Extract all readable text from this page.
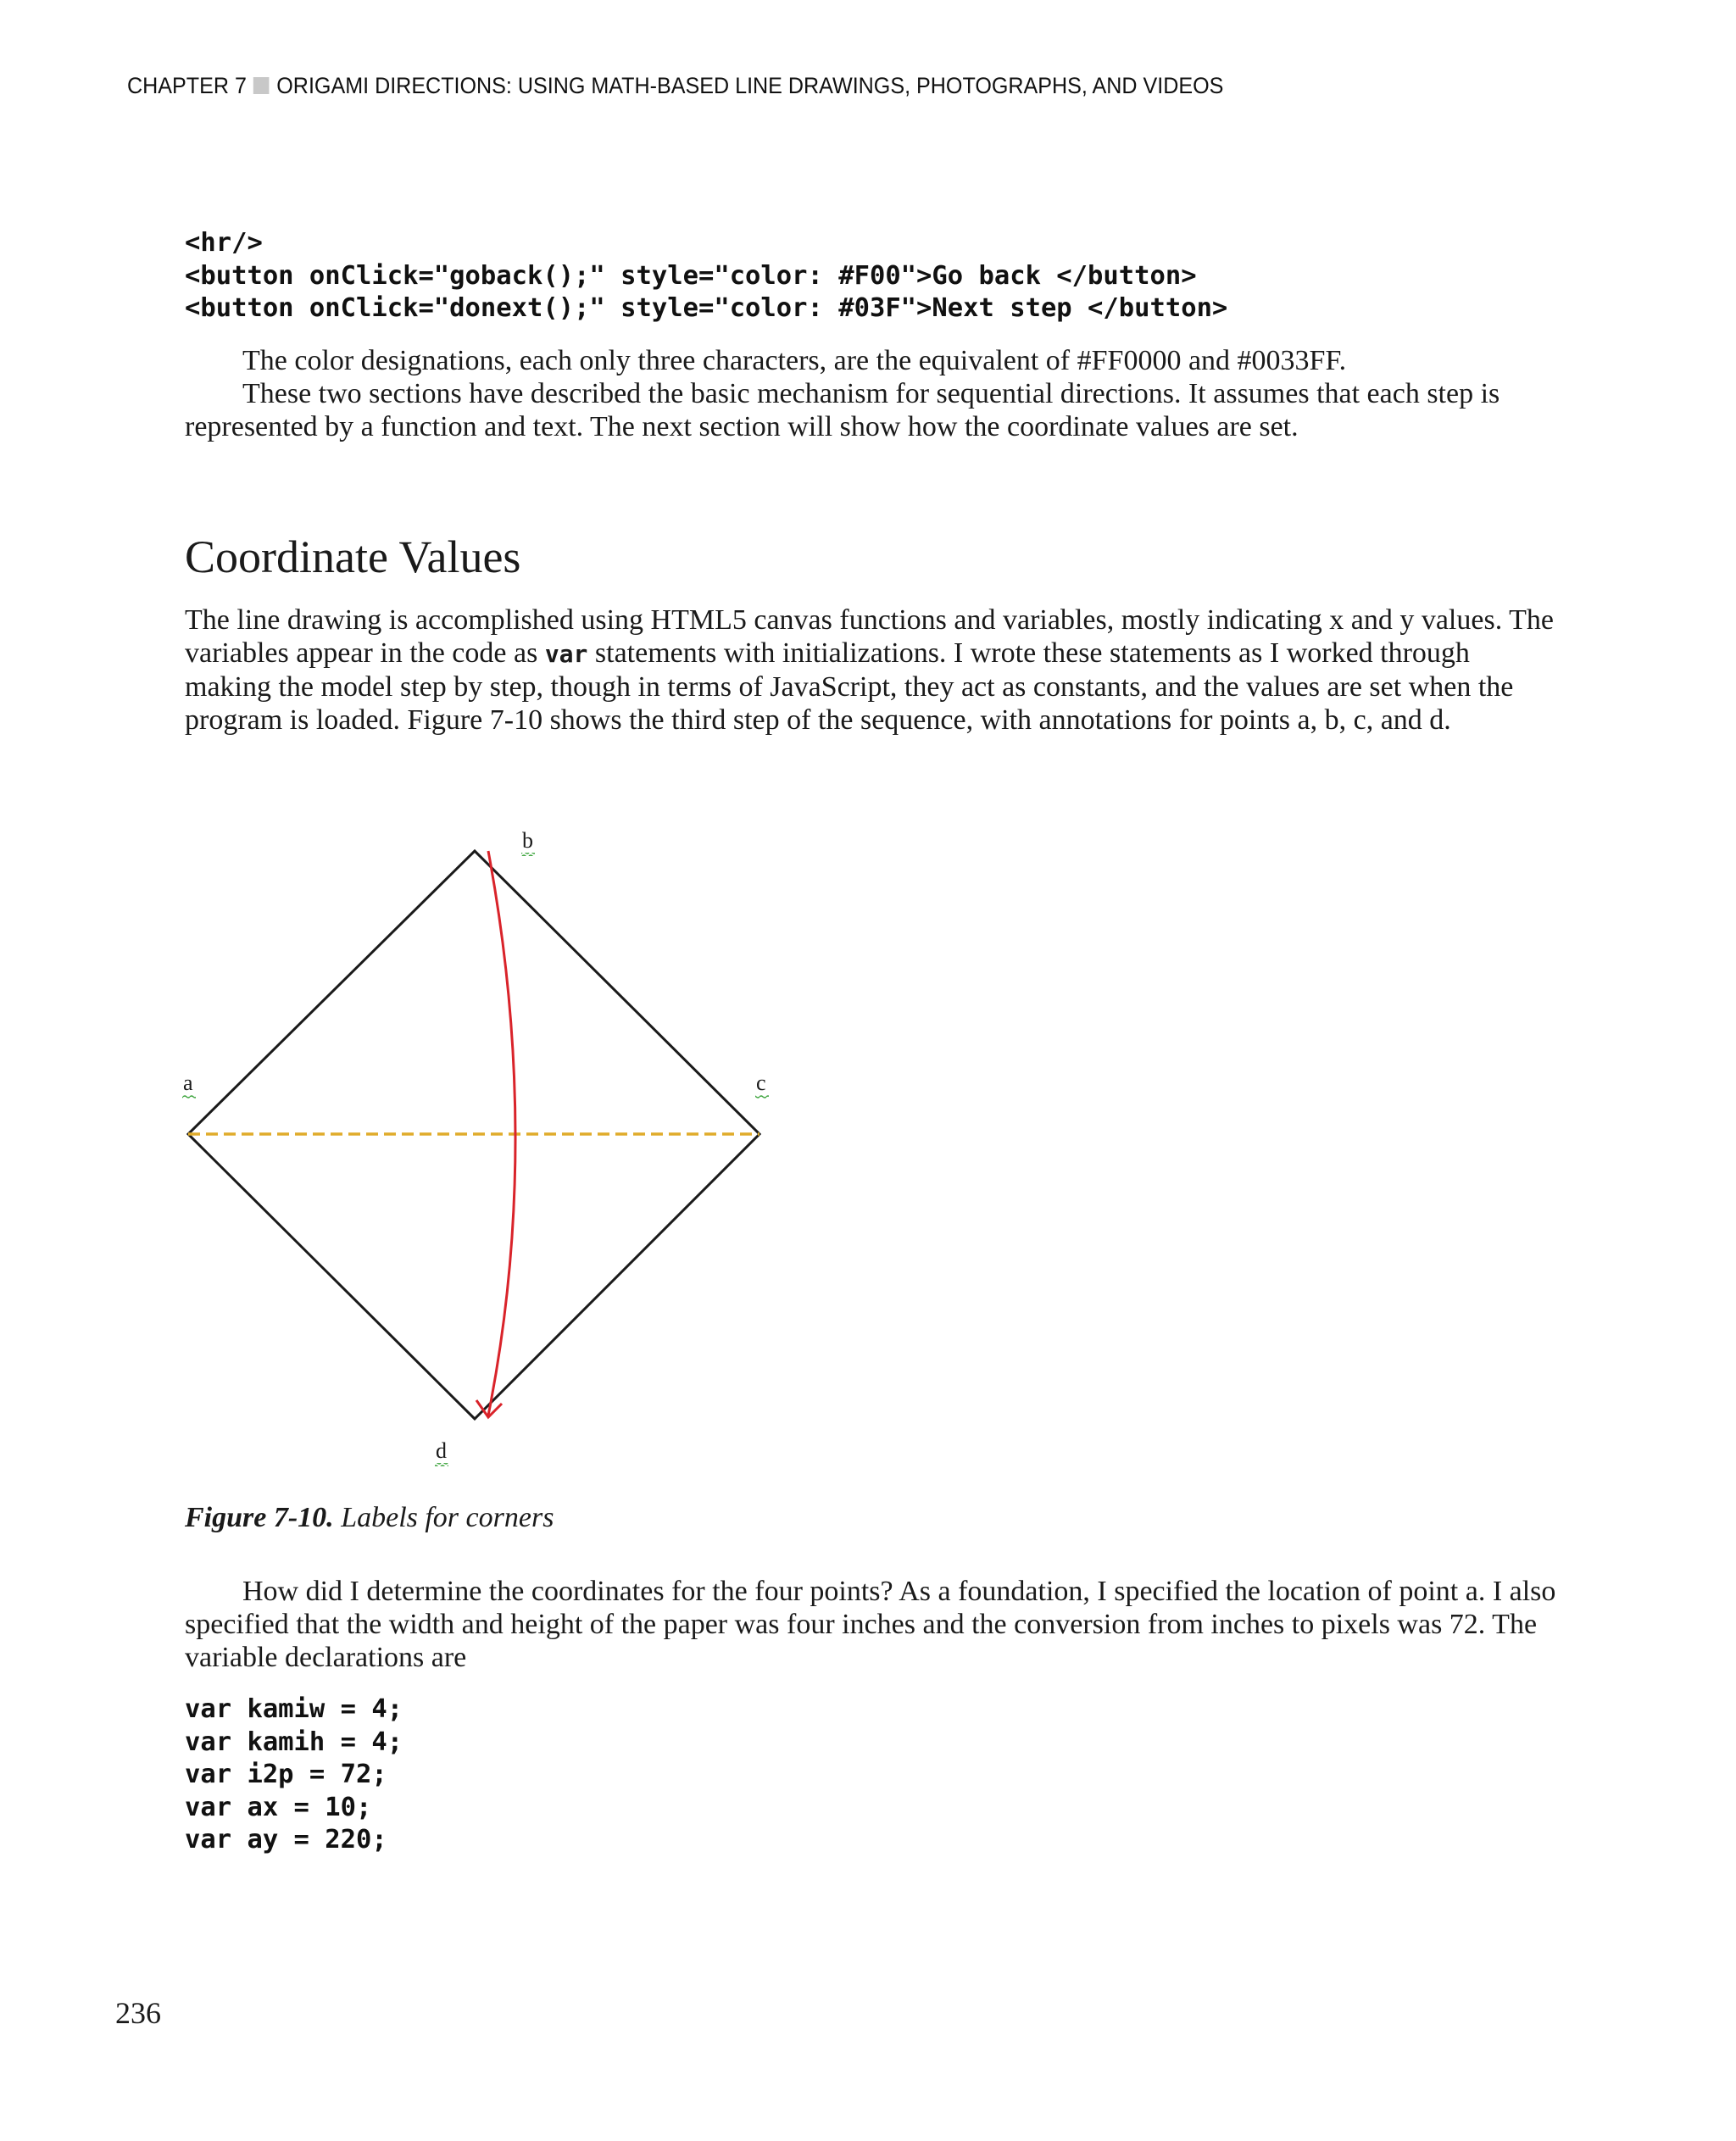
CHAPTER 7 ORIGAMI DIRECTIONS: USING MATH-BASED LINE DRAWINGS, PHOTOGRAPHS, AND VIDEOS
<hr/>
<button onClick="goback();" style="color: #F00">Go back </button>
<button onClick="donext();" style="color: #03F">Next step </button>

The color designations, each only three characters, are the equivalent of #FF0000 and #0033FF.

These two sections have described the basic mechanism for sequential directions. It assumes that each step is represented by a function and text. The next section will show how the coordinate values are set.

Coordinate Values

The line drawing is accomplished using HTML5 canvas functions and variables, mostly indicating x and y values. The variables appear in the code as var statements with initializations. I wrote these statements as I worked through making the model step by step, though in terms of JavaScript, they act as constants, and the values are set when the program is loaded. Figure 7-10 shows the third step of the sequence, with annotations for points a, b, c, and d.

b
a	c
d
Figure 7-10. Labels for corners

How did I determine the coordinates for the four points? As a foundation, I specified the location of point a. I also specified that the width and height of the paper was four inches and the conversion from inches to pixels was 72. The variable declarations are

var kamiw = 4;
var kamih = 4;
var i2p = 72;
var ax = 10;
var ay = 220;
236
